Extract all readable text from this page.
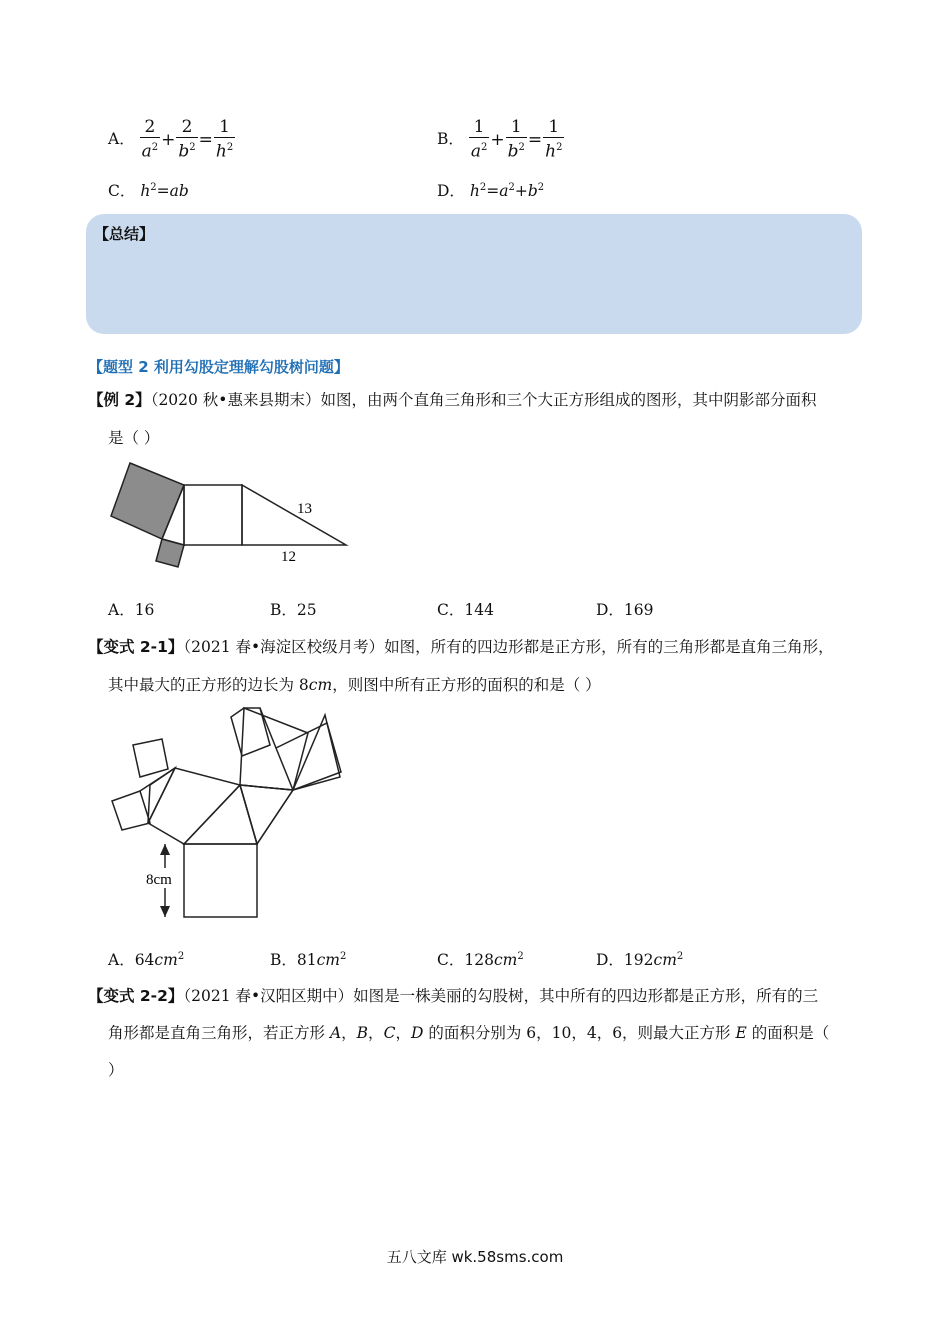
A． $\frac{2}{a^2} + \frac{2}{b^2} = \frac{1}{h^2}$	B． $\frac{1}{a^2} + \frac{1}{b^2} = \frac{1}{h^2}$
C． $h^2=ab$	D． $h^2=a^2+b^2$
【总结】
【题型 2 利用勾股定理解勾股树问题】
【例 2】（2020 秋•惠来县期末）如图，由两个直角三角形和三个大正方形组成的图形，其中阴影部分面积
是（ ）
13
12
A．16	B．25	C．144	D．169
【变式 2-1】（2021 春•海淀区校级月考）如图，所有的四边形都是正方形，所有的三角形都是直角三角形，
其中最大的正方形的边长为 8cm，则图中所有正方形的面积的和是（ ）
8cm
A．$64cm^2$	B．$81cm^2$	C．$128cm^2$	D．$192cm^2$
【变式 2-2】（2021 春•汉阳区期中）如图是一株美丽的勾股树，其中所有的四边形都是正方形，所有的三
角形都是直角三角形，若正方形 A，B，C，D 的面积分别为 6，10，4，6，则最大正方形 E 的面积是（
）
五八文库 wk.58sms.com
